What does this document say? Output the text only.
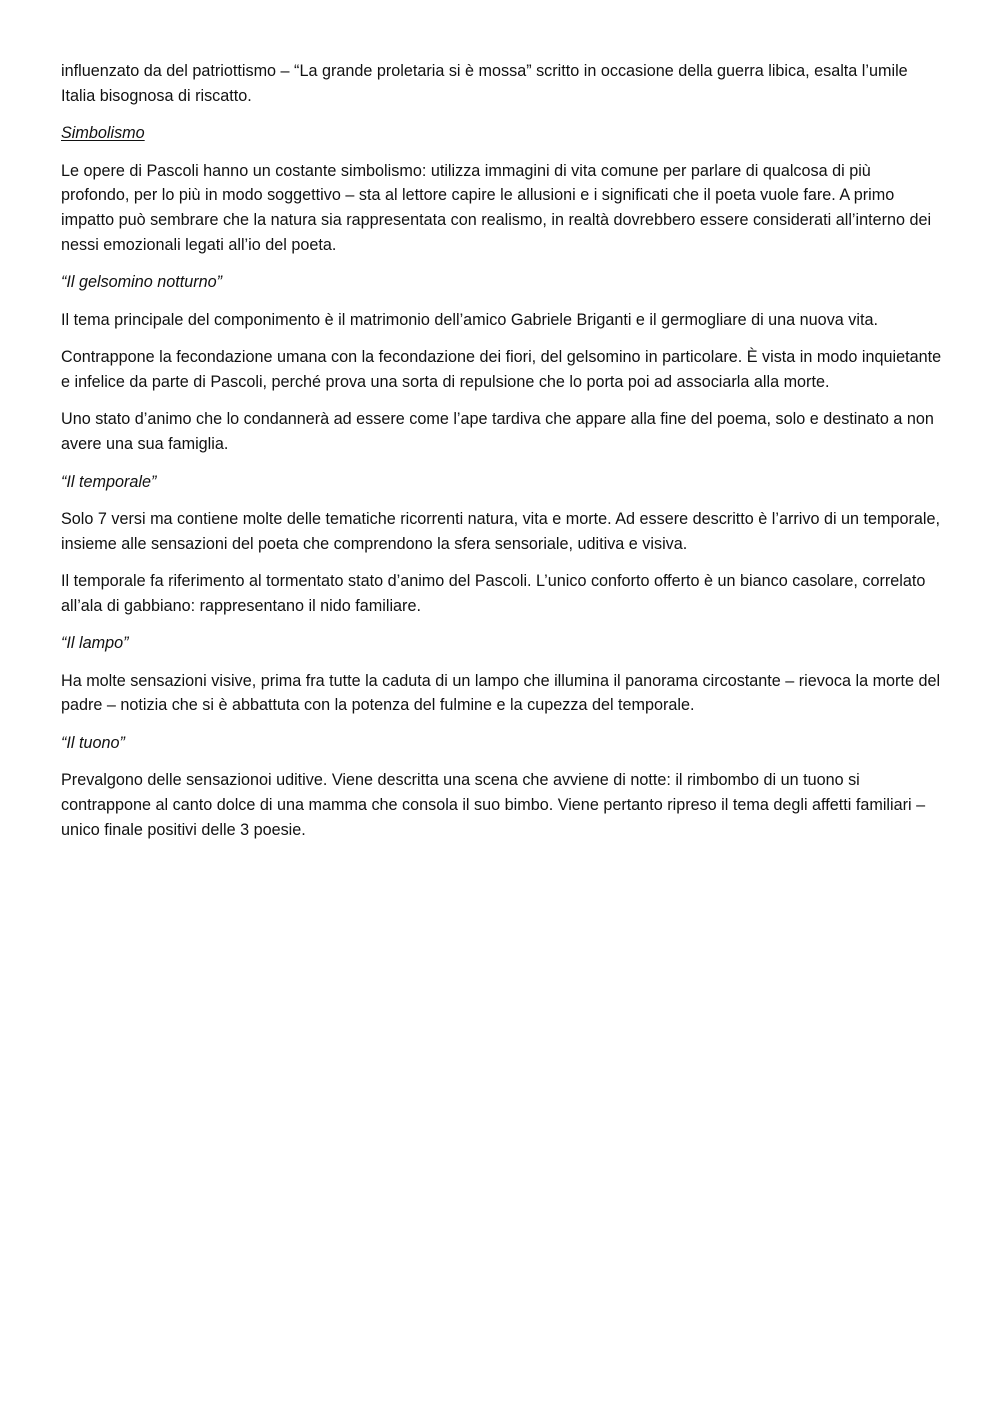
influenzato da del patriottismo – “La grande proletaria si è mossa” scritto in occasione della guerra libica, esalta l’umile Italia bisognosa di riscatto.

Simbolismo

Le opere di Pascoli hanno un costante simbolismo: utilizza immagini di vita comune per parlare di qualcosa di più profondo, per lo più in modo soggettivo – sta al lettore capire le allusioni e i significati che il poeta vuole fare. A primo impatto può sembrare che la natura sia rappresentata con realismo, in realtà dovrebbero essere considerati all’interno dei nessi emozionali legati all’io del poeta.

“Il gelsomino notturno”

Il tema principale del componimento è il matrimonio dell’amico Gabriele Briganti e il germogliare di una nuova vita.

Contrappone la fecondazione umana con la fecondazione dei fiori, del gelsomino in particolare. È vista in modo inquietante e infelice da parte di Pascoli, perché prova una sorta di repulsione che lo porta poi ad associarla alla morte.

Uno stato d’animo che lo condannerà ad essere come l’ape tardiva che appare alla fine del poema, solo e destinato a non avere una sua famiglia.

“Il temporale”

Solo 7 versi ma contiene molte delle tematiche ricorrenti natura, vita e morte. Ad essere descritto è l’arrivo di un temporale, insieme alle sensazioni del poeta che comprendono la sfera sensoriale, uditiva e visiva.

Il temporale fa riferimento al tormentato stato d’animo del Pascoli. L’unico conforto offerto è un bianco casolare, correlato all’ala di gabbiano: rappresentano il nido familiare.

“Il lampo”

Ha molte sensazioni visive, prima fra tutte la caduta di un lampo che illumina il panorama circostante – rievoca la morte del padre – notizia che si è abbattuta con la potenza del fulmine e la cupezza del temporale.

“Il tuono”

Prevalgono delle sensazionoi uditive. Viene descritta una scena che avviene di notte: il rimbombo di un tuono si contrappone al canto dolce di una mamma che consola il suo bimbo. Viene pertanto ripreso il tema degli affetti familiari – unico finale positivi delle 3 poesie.
